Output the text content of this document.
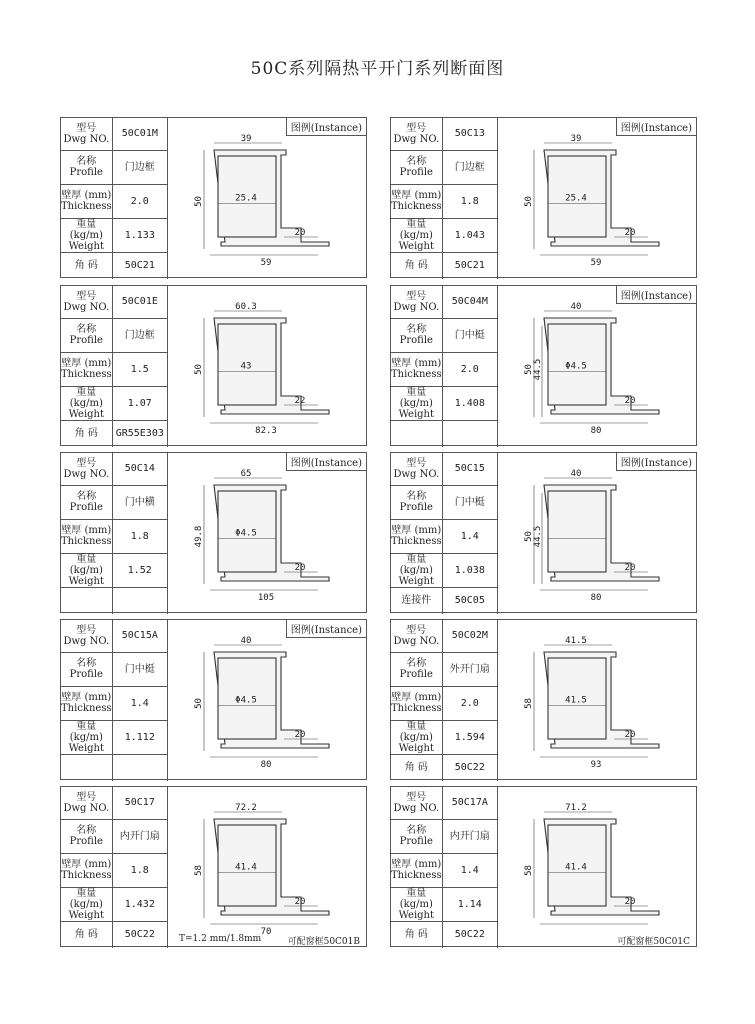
50C系列隔热平开门系列断面图
型号
Dwg NO.	50C01M

名称
Profile	门边框

壁厚 (mm)
Thickness	2.0

重量 (kg/m)
Weight	1.133
角 码	50C21
图例(Instance)
39
25.4
20
59
50
型号
Dwg NO.	50C13

名称
Profile	门边框

壁厚 (mm)
Thickness	1.8

重量 (kg/m)
Weight	1.043
角 码	50C21
图例(Instance)
39
25.4
20
59
50
型号
Dwg NO.	50C01E

名称
Profile	门边框

壁厚 (mm)
Thickness	1.5

重量 (kg/m)
Weight	1.07
角 码	GR55E303
60.3
43
22
82.3
50
型号
Dwg NO.	50C04M

名称
Profile	门中梃

壁厚 (mm)
Thickness	2.0

重量 (kg/m)
Weight	1.408

图例(Instance)
40
Φ4.5
20
80
50 44.5
型号
Dwg NO.	50C14

名称
Profile	门中横

壁厚 (mm)
Thickness	1.8

重量 (kg/m)
Weight	1.52

图例(Instance)
65
Φ4.5
20
105
49.8
型号
Dwg NO.	50C15

名称
Profile	门中梃

壁厚 (mm)
Thickness	1.4

重量 (kg/m)
Weight	1.038
连接件	50C05
图例(Instance)
40
20
80
50 44.5
型号
Dwg NO.	50C15A

名称
Profile	门中梃

壁厚 (mm)
Thickness	1.4

重量 (kg/m)
Weight	1.112

图例(Instance)
40
Φ4.5
20
80
50
型号
Dwg NO.	50C02M

名称
Profile	外开门扇

壁厚 (mm)
Thickness	2.0

重量 (kg/m)
Weight	1.594
角 码	50C22
41.5
41.5
20
93
58
型号
Dwg NO.	50C17

名称
Profile	内开门扇

壁厚 (mm)
Thickness	1.8

重量 (kg/m)
Weight	1.432
角 码	50C22
72.2
41.4
20
70
58
T=1.2 mm/1.8mm	可配窗框50C01B
型号
Dwg NO.	50C17A

名称
Profile	内开门扇

壁厚 (mm)
Thickness	1.4

重量 (kg/m)
Weight	1.14
角 码	50C22
71.2
41.4
20
58
可配窗框50C01C
